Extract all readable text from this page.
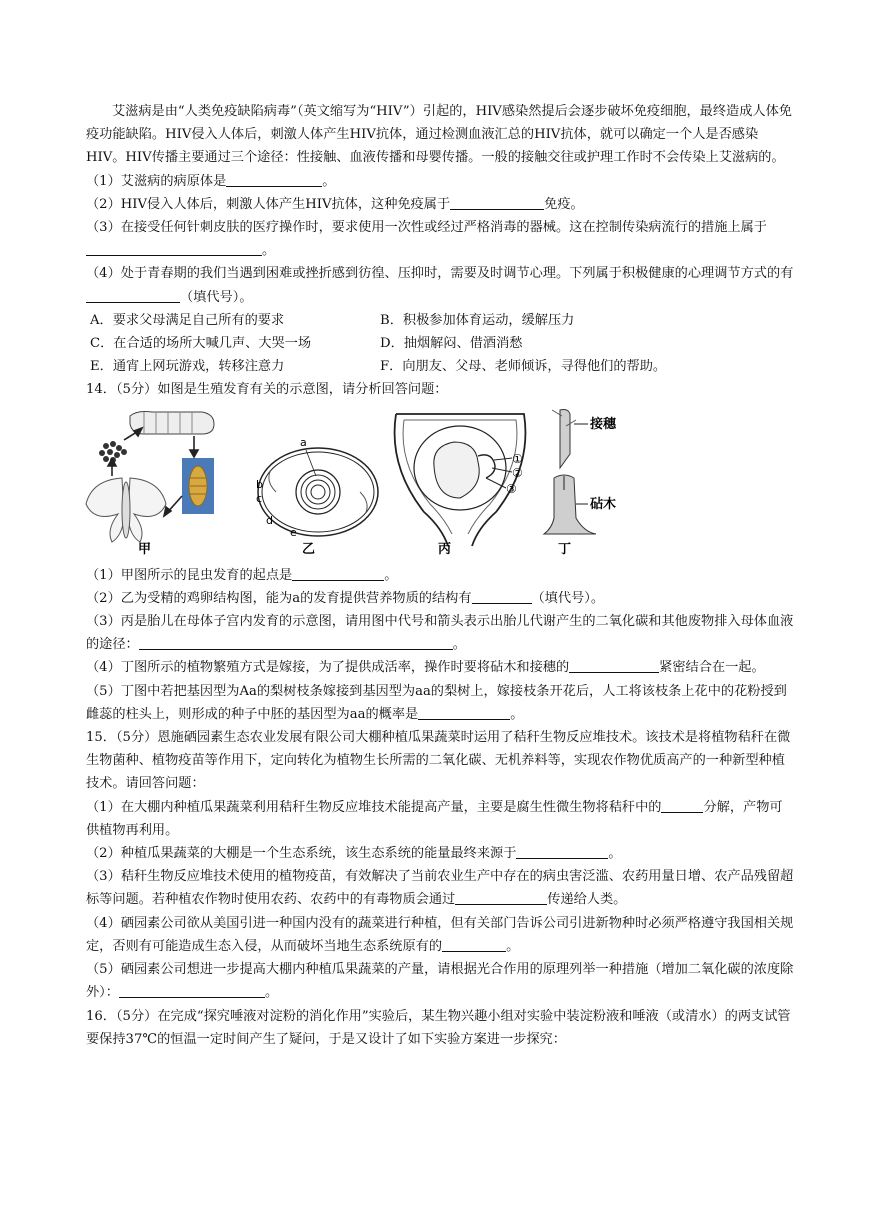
艾滋病是由“人类免疫缺陷病毒”（英文缩写为“HIV”）引起的，HIV感染然提后会逐步破坏免疫细胞，最终造成人体免疫功能缺陷。HIV侵入人体后，刺激人体产生HIV抗体，通过检测血液汇总的HIV抗体，就可以确定一个人是否感染HIV。HIV传播主要通过三个途径：性接触、血液传播和母婴传播。一般的接触交往或护理工作时不会传染上艾滋病的。

（1）艾滋病的病原体是	。

（2）HIV侵入人体后，刺激人体产生HIV抗体，这种免疫属于	免疫。

（3）在接受任何针刺皮肤的医疗操作时，要求使用一次性或经过严格消毒的器械。这在控制传染病流行的措施上属于。

（4）处于青春期的我们当遇到困难或挫折感到彷徨、压抑时，需要及时调节心理。下列属于积极健康的心理调节方式的有（填代号）。

A．要求父母满足自己所有的要求	B．积极参加体育运动，缓解压力
C．在合适的场所大喊几声、大哭一场	D．抽烟解闷、借酒消愁
E．通宵上网玩游戏，转移注意力	F．向朋友、父母、老师倾诉，寻得他们的帮助。

14．（5分）如图是生殖发育有关的示意图，请分析回答问题：

甲
a
b
c
d
e
乙
①
②
③
丙
接穗
砧木
丁

（1）甲图所示的昆虫发育的起点是	。

（2）乙为受精的鸡卵结构图，能为a的发育提供营养物质的结构有	（填代号）。

（3）丙是胎儿在母体子宫内发育的示意图，请用图中代号和箭头表示出胎儿代谢产生的二氧化碳和其他废物排入母体血液的途径：	。

（4）丁图所示的植物繁殖方式是嫁接，为了提供成活率，操作时要将砧木和接穗的	紧密结合在一起。

（5）丁图中若把基因型为Aa的梨树枝条嫁接到基因型为aa的梨树上，嫁接枝条开花后，人工将该枝条上花中的花粉授到雌蕊的柱头上，则形成的种子中胚的基因型为aa的概率是	。

15．（5分）恩施硒园素生态农业发展有限公司大棚种植瓜果蔬菜时运用了秸秆生物反应堆技术。该技术是将植物秸秆在微生物菌种、植物疫苗等作用下，定向转化为植物生长所需的二氧化碳、无机养料等，实现农作物优质高产的一种新型种植技术。请回答问题：

（1）在大棚内种植瓜果蔬菜利用秸秆生物反应堆技术能提高产量，主要是腐生性微生物将秸秆中的	分解，产物可供植物再利用。

（2）种植瓜果蔬菜的大棚是一个生态系统，该生态系统的能量最终来源于	。

（3）秸秆生物反应堆技术使用的植物疫苗，有效解决了当前农业生产中存在的病虫害泛滥、农药用量日增、农产品残留超标等问题。若种植农作物时使用农药、农药中的有毒物质会通过	传递给人类。

（4）硒园素公司欲从美国引进一种国内没有的蔬菜进行种植，但有关部门告诉公司引进新物种时必须严格遵守我国相关规定，否则有可能造成生态入侵，从而破坏当地生态系统原有的	。

（5）硒园素公司想进一步提高大棚内种植瓜果蔬菜的产量，请根据光合作用的原理列举一种措施（增加二氧化碳的浓度除外）：	。

16．（5分）在完成“探究唾液对淀粉的消化作用”实验后，某生物兴趣小组对实验中装淀粉液和唾液（或清水）的两支试管要保持37℃的恒温一定时间产生了疑问，于是又设计了如下实验方案进一步探究：
